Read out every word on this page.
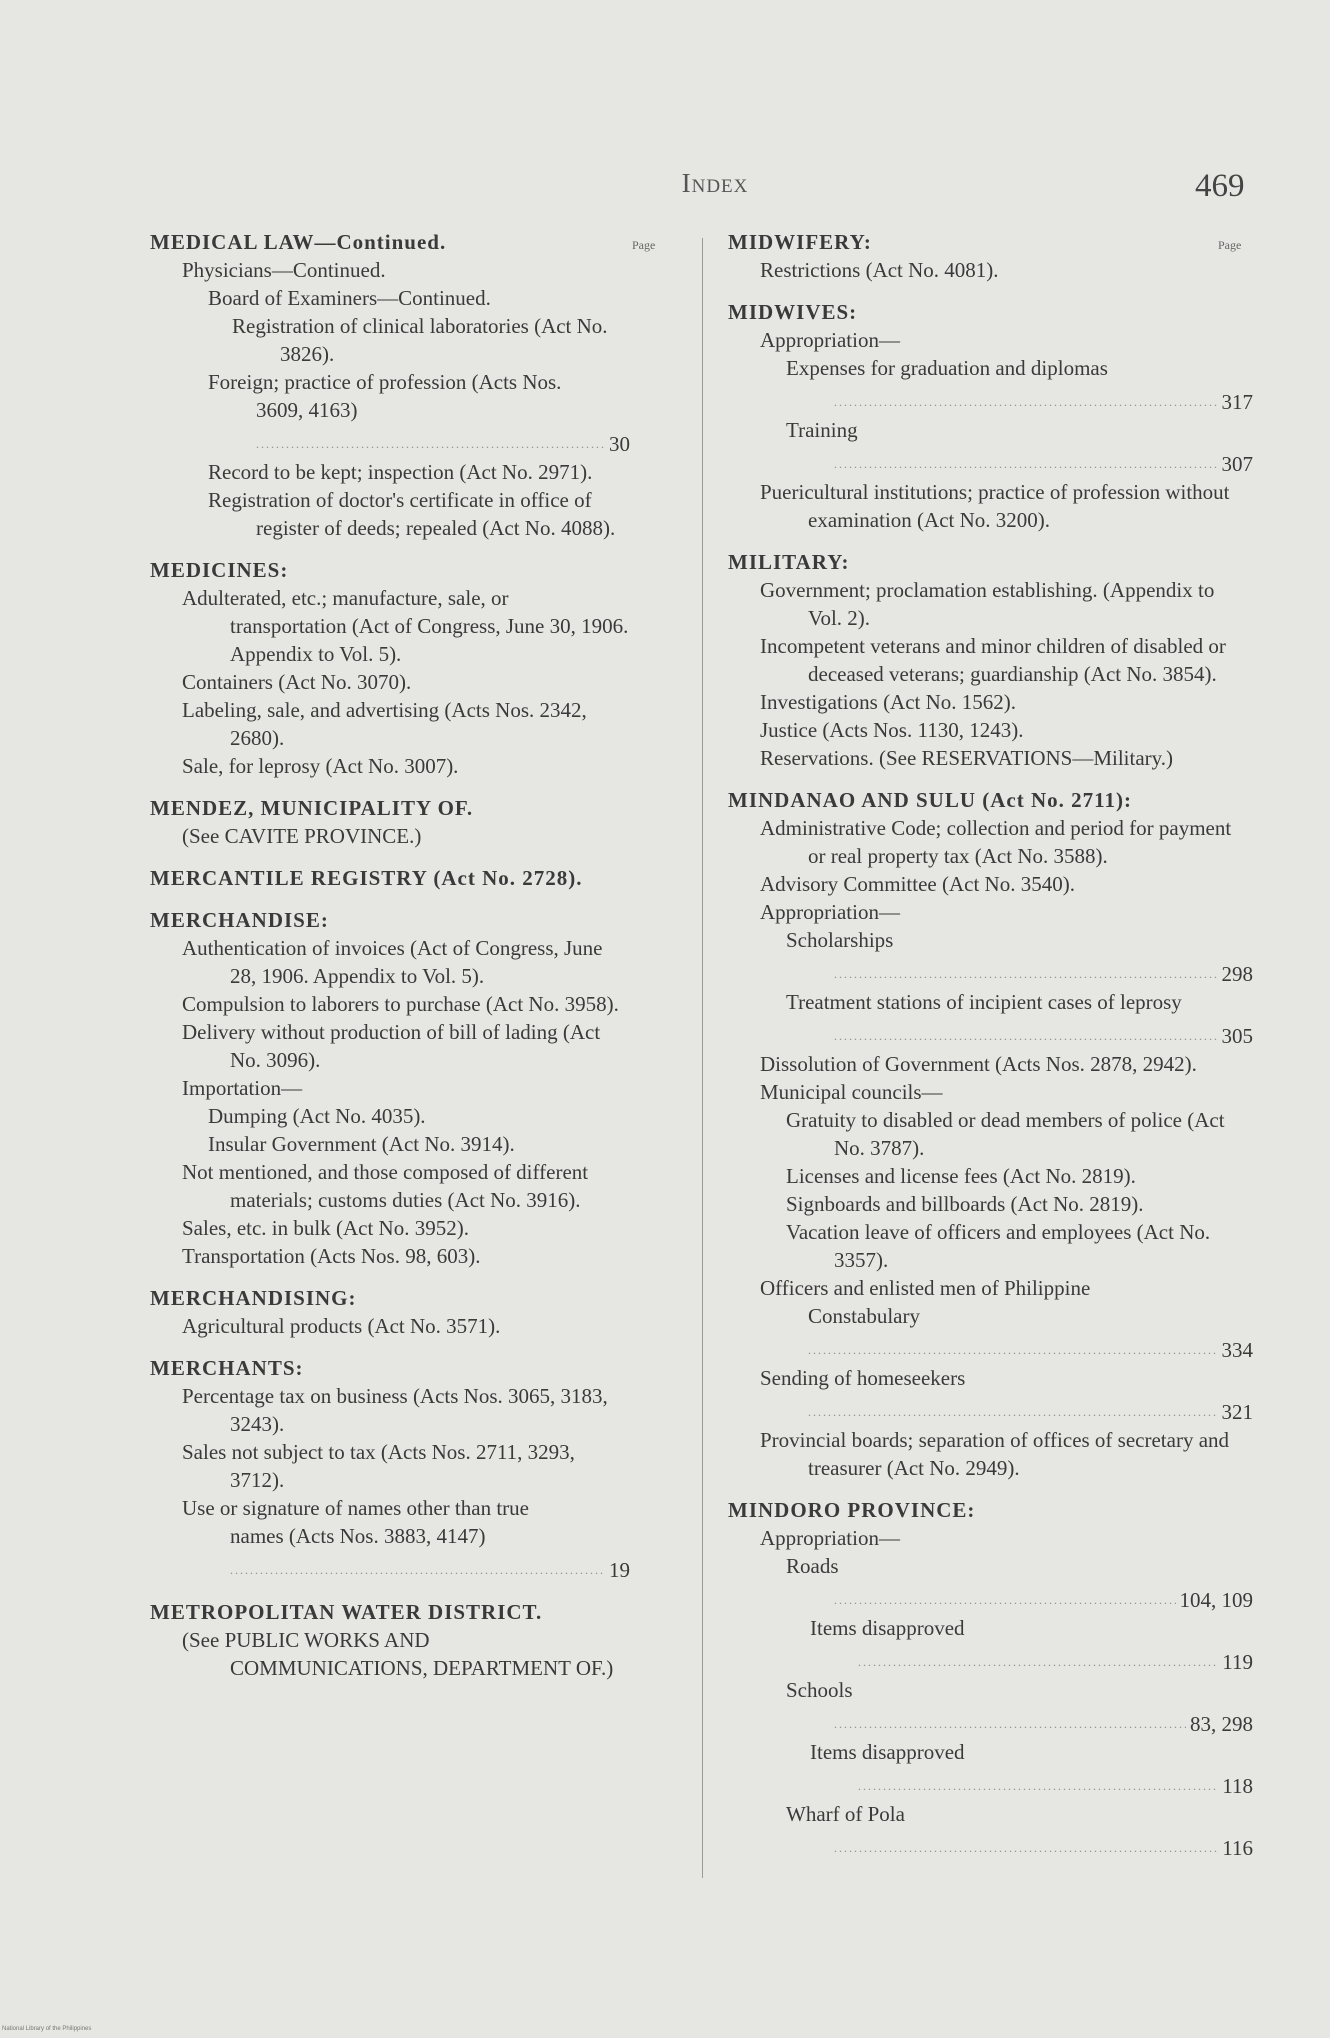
Index	469
Page	Page
MEDICAL LAW—Continued.
Physicians—Continued.
Board of Examiners—Continued.
Registration of clinical laboratories (Act No. 3826).
Foreign; practice of profession (Acts Nos. 3609, 4163) .....
30
Record to be kept; inspection (Act No. 2971).
Registration of doctor's certificate in office of register of deeds; repealed (Act No. 4088).
MEDICINES:
Adulterated, etc.; manufacture, sale, or transportation (Act of Congress, June 30, 1906. Appendix to Vol. 5).
Containers (Act No. 3070).
Labeling, sale, and advertising (Acts Nos. 2342, 2680).
Sale, for leprosy (Act No. 3007).
MENDEZ, MUNICIPALITY OF.
(See CAVITE PROVINCE.)
MERCANTILE REGISTRY (Act No. 2728).
MERCHANDISE:
Authentication of invoices (Act of Congress, June 28, 1906. Appendix to Vol. 5).
Compulsion to laborers to purchase (Act No. 3958).
Delivery without production of bill of lading (Act No. 3096).
Importation—
Dumping (Act No. 4035).
Insular Government (Act No. 3914).
Not mentioned, and those composed of different materials; customs duties (Act No. 3916).
Sales, etc. in bulk (Act No. 3952).
Transportation (Acts Nos. 98, 603).
MERCHANDISING:
Agricultural products (Act No. 3571).
MERCHANTS:
Percentage tax on business (Acts Nos. 3065, 3183, 3243).
Sales not subject to tax (Acts Nos. 2711, 3293, 3712).
Use or signature of names other than true names (Acts Nos. 3883, 4147) .....
19
METROPOLITAN WATER DISTRICT.
(See PUBLIC WORKS AND COMMUNICATIONS, DEPARTMENT OF.)
MIDWIFERY:
Restrictions (Act No. 4081).
MIDWIVES:
Appropriation—
Expenses for graduation and diplomas .....
317
Training .....
307
Puericultural institutions; practice of profession without examination (Act No. 3200).
MILITARY:
Government; proclamation establishing. (Appendix to Vol. 2).
Incompetent veterans and minor children of disabled or deceased veterans; guardianship (Act No. 3854).
Investigations (Act No. 1562).
Justice (Acts Nos. 1130, 1243).
Reservations. (See RESERVATIONS—Military.)
MINDANAO AND SULU (Act No. 2711):
Administrative Code; collection and period for payment or real property tax (Act No. 3588).
Advisory Committee (Act No. 3540).
Appropriation—
Scholarships .....
298
Treatment stations of incipient cases of leprosy .....
305
Dissolution of Government (Acts Nos. 2878, 2942).
Municipal councils—
Gratuity to disabled or dead members of police (Act No. 3787).
Licenses and license fees (Act No. 2819).
Signboards and billboards (Act No. 2819).
Vacation leave of officers and employees (Act No. 3357).
Officers and enlisted men of Philippine Constabulary .....
334
Sending of homeseekers .....
321
Provincial boards; separation of offices of secretary and treasurer (Act No. 2949).
MINDORO PROVINCE:
Appropriation—
Roads .....
104, 109
Items disapproved .....
119
Schools .....
83, 298
Items disapproved .....
118
Wharf of Pola .....
116
National Library of the Philippines
